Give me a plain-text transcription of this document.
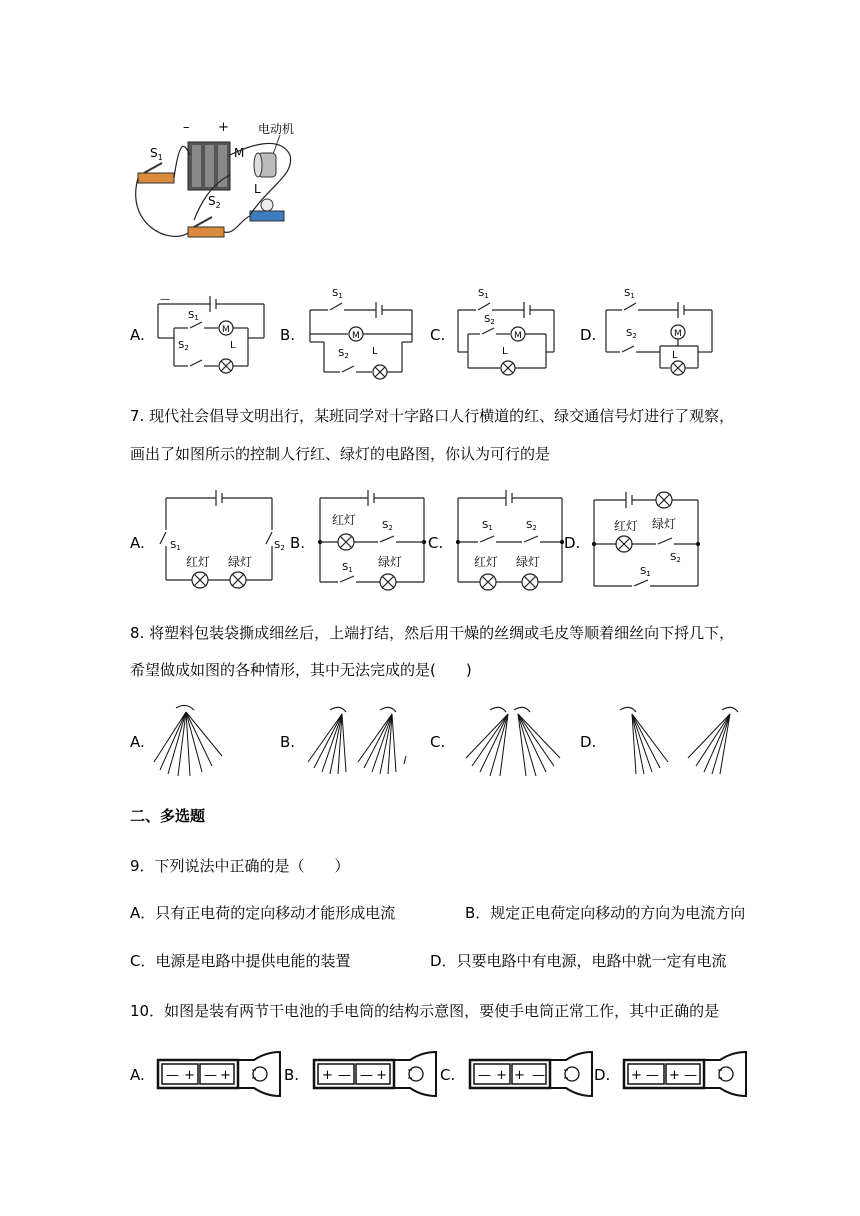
– + 电动机
M
$S_1$
L
$S_2$
A.
—
$S_1$
M
$S_2$	L
B.
$S_1$
M
$S_2$ L
C.
$S_1$
$S_2$
M
L
D.
$S_1$
$S_2$	M
L
7. 现代社会倡导文明出行，某班同学对十字路口人行横道的红、绿交通信号灯进行了观察，
画出了如图所示的控制人行红、绿灯的电路图，你认为可行的是
A.	$S_1$	$S_2$
红灯 绿灯
B.
红灯	$S_2$
$S_1$
绿灯
C.
$S_1$	$S_2$
红灯 绿灯
D.
红灯 绿灯
$S_2$
$S_1$
8. 将塑料包装袋撕成细丝后，上端打结，然后用干燥的丝绸或毛皮等顺着细丝向下捋几下，
希望做成如图的各种情形，其中无法完成的是(　　)
A.	B.	C.	D.
二、多选题
9．下列说法中正确的是（　　）
A．只有正电荷的定向移动才能形成电流	B．规定正电荷定向移动的方向为电流方向
C．电源是电路中提供电能的装置	D．只要电路中有电源，电路中就一定有电流
10．如图是装有两节干电池的手电筒的结构示意图，要使手电筒正常工作，其中正确的是
A.	B.	C.	D.
— + — +	+ — — +	— + + —	+ — + —
